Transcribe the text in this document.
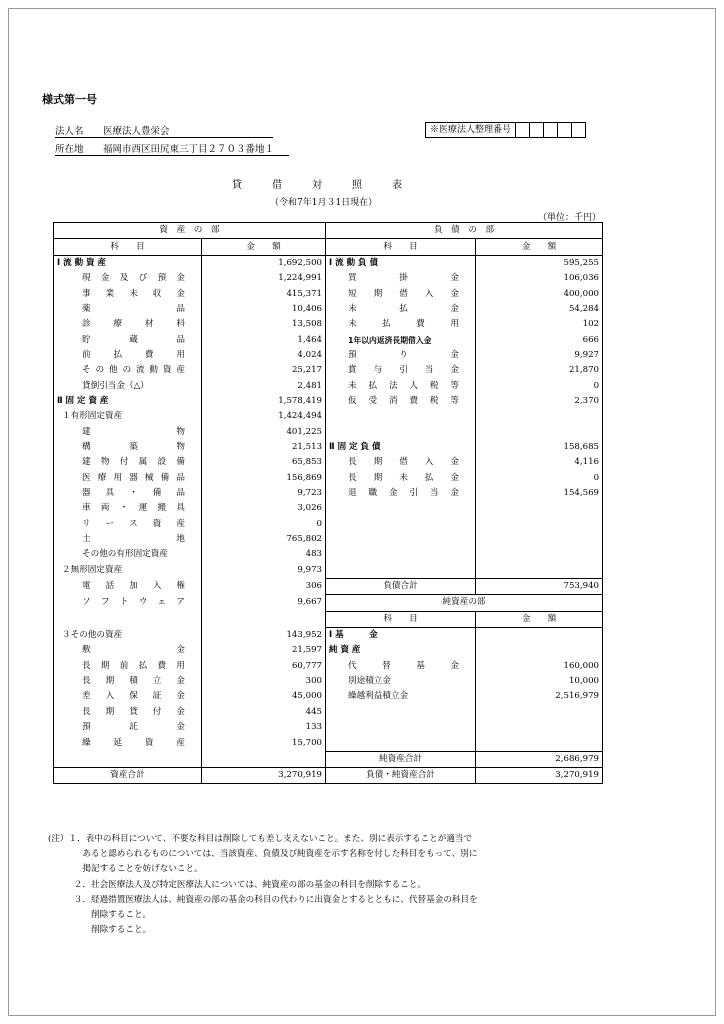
様式第一号
法人名 医療法人豊栄会
所在地 福岡市西区田尻東三丁目２７０３番地１
※医療法人整理番号
貸借対照表
（令和7年1月３1日現在）
（単位：千円）
資　産　の　部		負　債　の　部	
科　　目	金　　額	科　　目	金　　額
Ⅰ 流 動 資 産	1,692,500	Ⅰ 流 動 負 債	595,255

現金及び預金	1,224,991	買掛金	106,036

事業未収金	415,371	短期借入金	400,000

薬品	10,406	未払金	54,284

診療材料	13,508	未払費用	102

貯蔵品	1,464	1年以内返済長期借入金	666

前払費用	4,024	預り金	9,927

その他の流動資産	25,217	賞与引当金	21,870
貸倒引当金（△）	2,481	未払法人税等	0
Ⅱ 固 定 資 産	1,578,419	仮受消費税等	2,370
１有形固定資産	1,424,494		

建物	401,225		

構築物	21,513	Ⅱ 固 定 負 債	158,685

建物付属設備	65,853	長期借入金	4,116

医療用器械備品	156,869	長期未払金	0

器具・備品	9,723	退職金引当金	154,569

車両・運搬具	3,026		

リース資産	0		

土地	765,802		
その他の有形固定資産	483		
２無形固定資産	9,973		

電話加入権	306	負債合計	753,940

ソフトウェア	9,667	純資産の部	
		科　　目	金　　額
３その他の資産	143,952	Ⅰ 基　　　金	

敷金	21,597	純 資 産	

長期前払費用	60,777	代替基金	160,000

長期積立金	300	別途積立金	10,000

差入保証金	45,000	繰越利益積立金	2,516,979

長期貸付金	445		

預託金	133		

繰延資産	15,700		
		純資産合計	2,686,979
資産合計	3,270,919	負債・純資産合計	3,270,919
(注）１．表中の科目について、不要な科目は削除しても差し支えないこと。また、別に表示することが適当で
　　　　あると認められるものについては、当該資産、負債及び純資産を示す名称を付した科目をもって、別に
　　　　掲記することを妨げないこと。
　　　２．社会医療法人及び特定医療法人については、純資産の部の基金の科目を削除すること。
　　　３．経過措置医療法人は、純資産の部の基金の科目の代わりに出資金とするとともに、代替基金の科目を
　　　　　削除すること。
　　　　　削除すること。
